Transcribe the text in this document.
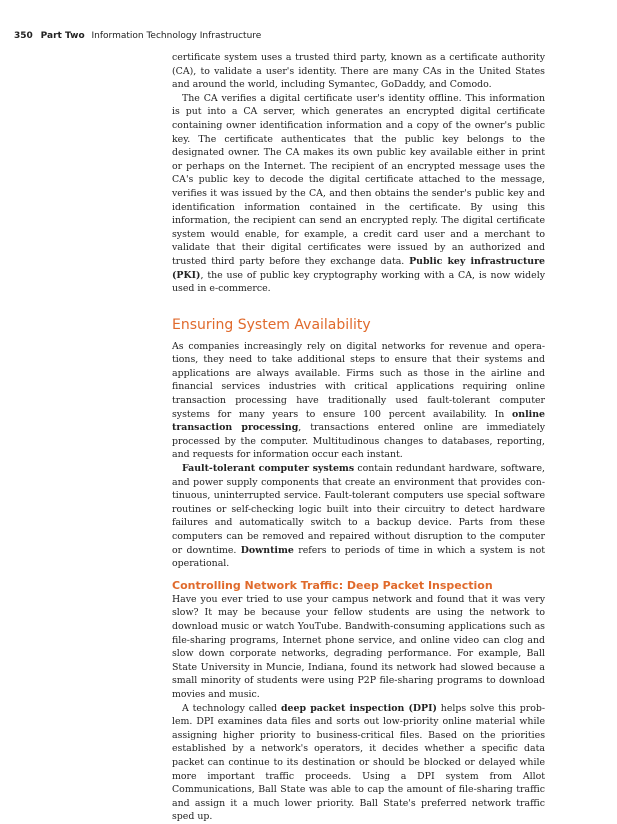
350 Part Two Information Technology Infrastructure

certificate system uses a trusted third party, known as a certificate authority (CA), to validate a user's identity. There are many CAs in the United States and around the world, including Symantec, GoDaddy, and Comodo.

The CA verifies a digital certificate user's identity offline. This information is put into a CA server, which generates an encrypted digital certificate containing owner identification information and a copy of the owner's public key. The certificate authenticates that the public key belongs to the designated owner. The CA makes its own public key available either in print or perhaps on the Internet. The recipient of an encrypted message uses the CA's public key to decode the digital certificate attached to the message, verifies it was issued by the CA, and then obtains the sender's public key and identification information contained in the certificate. By using this information, the recipient can send an encrypted reply. The digital certificate system would enable, for example, a credit card user and a merchant to validate that their digital certificates were issued by an authorized and trusted third party before they exchange data. Public key infrastructure (PKI), the use of public key cryptography working with a CA, is now widely used in e-commerce.

Ensuring System Availability

As companies increasingly rely on digital networks for revenue and operations, they need to take additional steps to ensure that their systems and applications are always available. Firms such as those in the airline and financial services industries with critical applications requiring online transaction processing have traditionally used fault-tolerant computer systems for many years to ensure 100 percent availability. In online transaction processing, transactions entered online are immediately processed by the computer. Multitudinous changes to databases, reporting, and requests for information occur each instant.

Fault-tolerant computer systems contain redundant hardware, software, and power supply components that create an environment that provides continuous, uninterrupted service. Fault-tolerant computers use special software routines or self-checking logic built into their circuitry to detect hardware failures and automatically switch to a backup device. Parts from these computers can be removed and repaired without disruption to the computer or downtime. Downtime refers to periods of time in which a system is not operational.

Controlling Network Traffic: Deep Packet Inspection

Have you ever tried to use your campus network and found that it was very slow? It may be because your fellow students are using the network to download music or watch YouTube. Bandwith-consuming applications such as file-sharing programs, Internet phone service, and online video can clog and slow down corporate networks, degrading performance. For example, Ball State University in Muncie, Indiana, found its network had slowed because a small minority of students were using P2P file-sharing programs to download movies and music.

A technology called deep packet inspection (DPI) helps solve this problem. DPI examines data files and sorts out low-priority online material while assigning higher priority to business-critical files. Based on the priorities established by a network's operators, it decides whether a specific data packet can continue to its destination or should be blocked or delayed while more important traffic proceeds. Using a DPI system from Allot Communications, Ball State was able to cap the amount of file-sharing traffic and assign it a much lower priority. Ball State's preferred network traffic sped up.
